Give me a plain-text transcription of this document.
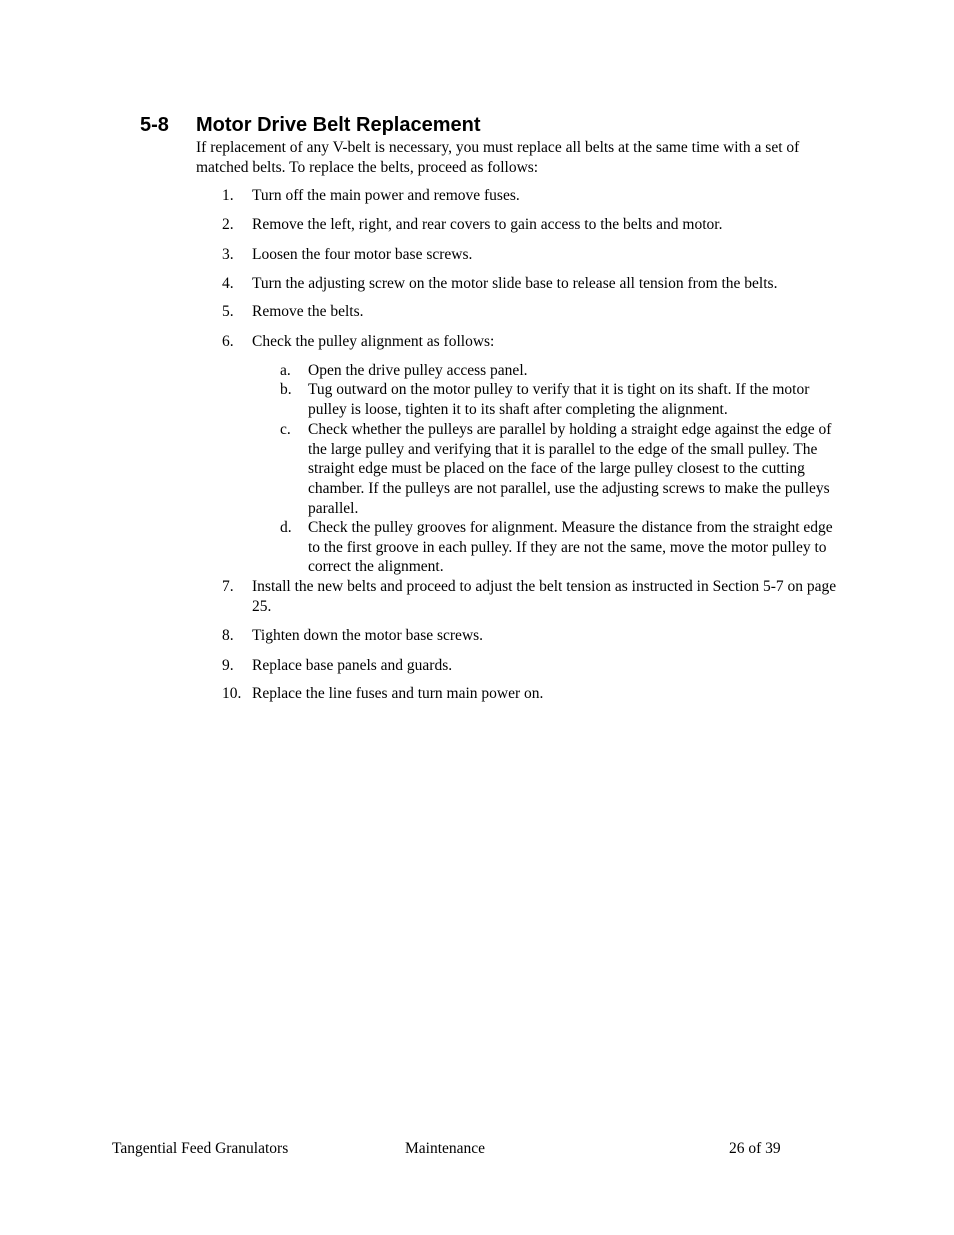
5-8 Motor Drive Belt Replacement

If replacement of any V-belt is necessary, you must replace all belts at the same time with a set of matched belts. To replace the belts, proceed as follows:

1.	Turn off the main power and remove fuses.
2.	Remove the left, right, and rear covers to gain access to the belts and motor.
3.	Loosen the four motor base screws.
4.	Turn the adjusting screw on the motor slide base to release all tension from the belts.
5.	Remove the belts.
6.	Check the pulley alignment as follows:
a.	Open the drive pulley access panel.
b.	Tug outward on the motor pulley to verify that it is tight on its shaft. If the motor pulley is loose, tighten it to its shaft after completing the alignment.
c.	Check whether the pulleys are parallel by holding a straight edge against the edge of the large pulley and verifying that it is parallel to the edge of the small pulley. The straight edge must be placed on the face of the large pulley closest to the cutting chamber. If the pulleys are not parallel, use the adjusting screws to make the pulleys parallel.
d.	Check the pulley grooves for alignment. Measure the distance from the straight edge to the first groove in each pulley. If they are not the same, move the motor pulley to correct the alignment.
7.	Install the new belts and proceed to adjust the belt tension as instructed in Section 5-7 on page 25.
8.	Tighten down the motor base screws.
9.	Replace base panels and guards.
10. Replace the line fuses and turn main power on.
Tangential Feed Granulators	Maintenance	26 of 39
